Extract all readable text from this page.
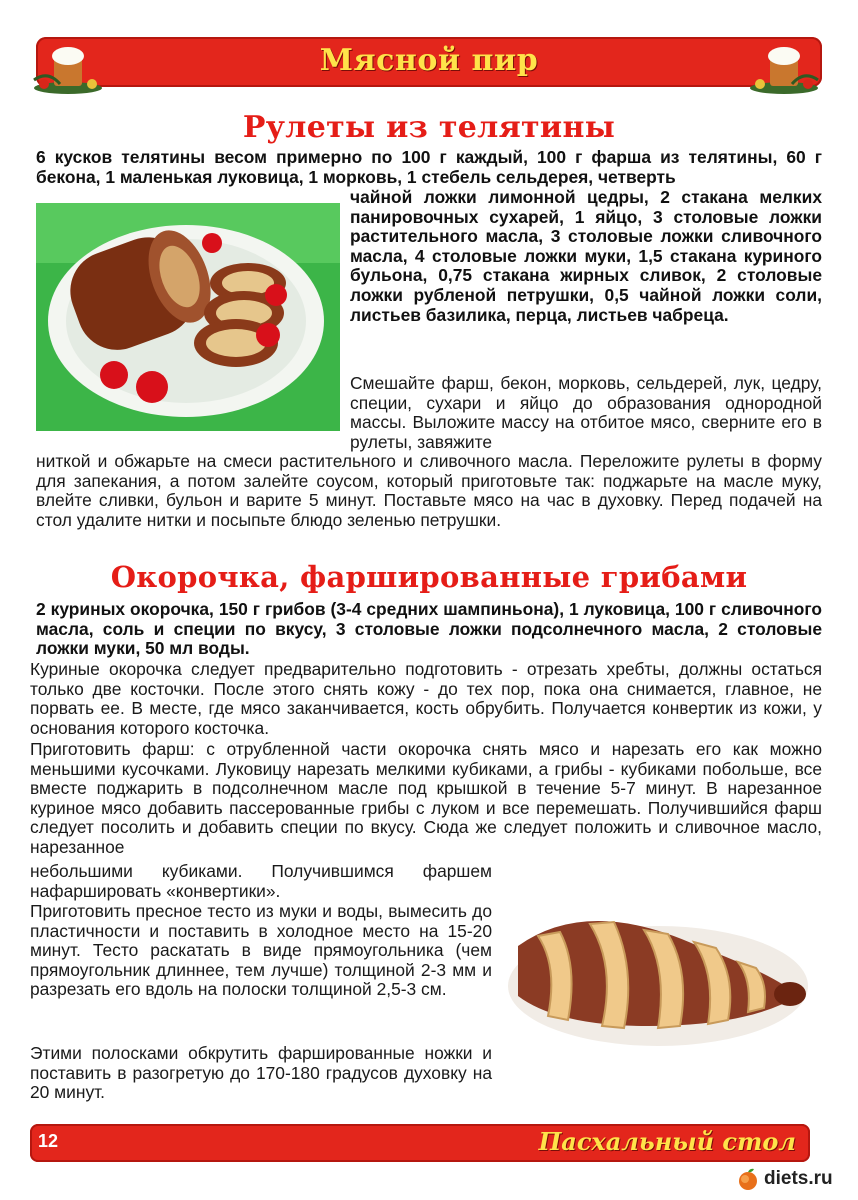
Мясной пир
Рулеты из телятины

6 кусков телятины весом примерно по 100 г каждый, 100 г фарша из телятины, 60 г бекона, 1 маленькая луковица, 1 морковь, 1 стебель сельдерея, четверть

чайной ложки лимонной цедры, 2 стакана мелких панировочных сухарей, 1 яйцо, 3 столовые ложки растительного масла, 3 столовые ложки сливочного масла, 4 столовые ложки муки, 1,5 стакана куриного бульона, 0,75 стакана жирных сливок, 2 столовые ложки рубленой петрушки, 0,5 чайной ложки соли, листьев базилика, перца, листьев чабреца.

Смешайте фарш, бекон, морковь, сельдерей, лук, цедру, специи, сухари и яйцо до образования однородной массы. Выложите массу на отбитое мясо, сверните его в рулеты, завяжите

ниткой и обжарьте на смеси растительного и сливочного масла. Переложите рулеты в форму для запекания, а потом залейте соусом, который приготовьте так: поджарьте на масле муку, влейте сливки, бульон и варите 5 минут. Поставьте мясо на час в духовку. Перед подачей на стол удалите нитки и посыпьте блюдо зеленью петрушки.

Окорочка, фаршированные грибами

2 куриных окорочка, 150 г грибов (3-4 средних шампиньона), 1 луковица, 100 г сливочного масла, соль и специи по вкусу, 3 столовые ложки подсолнечного масла, 2 столовые ложки муки, 50 мл воды.

Куриные окорочка следует предварительно подготовить - отрезать хребты, должны остаться только две косточки. После этого снять кожу - до тех пор, пока она снимается, главное, не порвать ее. В месте, где мясо заканчивается, кость обрубить. Получается конвертик из кожи, у основания которого косточка.

Приготовить фарш: с отрубленной части окорочка снять мясо и нарезать его как можно меньшими кусочками. Луковицу нарезать мелкими кубиками, а грибы - кубиками побольше, все вместе поджарить в подсолнечном масле под крышкой в течение 5-7 минут. В нарезанное куриное мясо добавить пассерованные грибы с луком и все перемешать. Получившийся фарш следует посолить и добавить специи по вкусу. Сюда же следует положить и сливочное масло, нарезанное

небольшими кубиками. Получившимся фаршем нафаршировать «конвертики».

Приготовить пресное тесто из муки и воды, вымесить до пластичности и поставить в холодное место на 15-20 минут. Тесто раскатать в виде прямоугольника (чем прямоугольник длиннее, тем лучше) толщиной 2-3 мм и разрезать его вдоль на полоски толщиной 2,5-3 см.

Этими полосками обкрутить фаршированные ножки и поставить в разогретую до 170-180 градусов духовку на 20 минут.

12	Пасхальный стол
diets.ru
